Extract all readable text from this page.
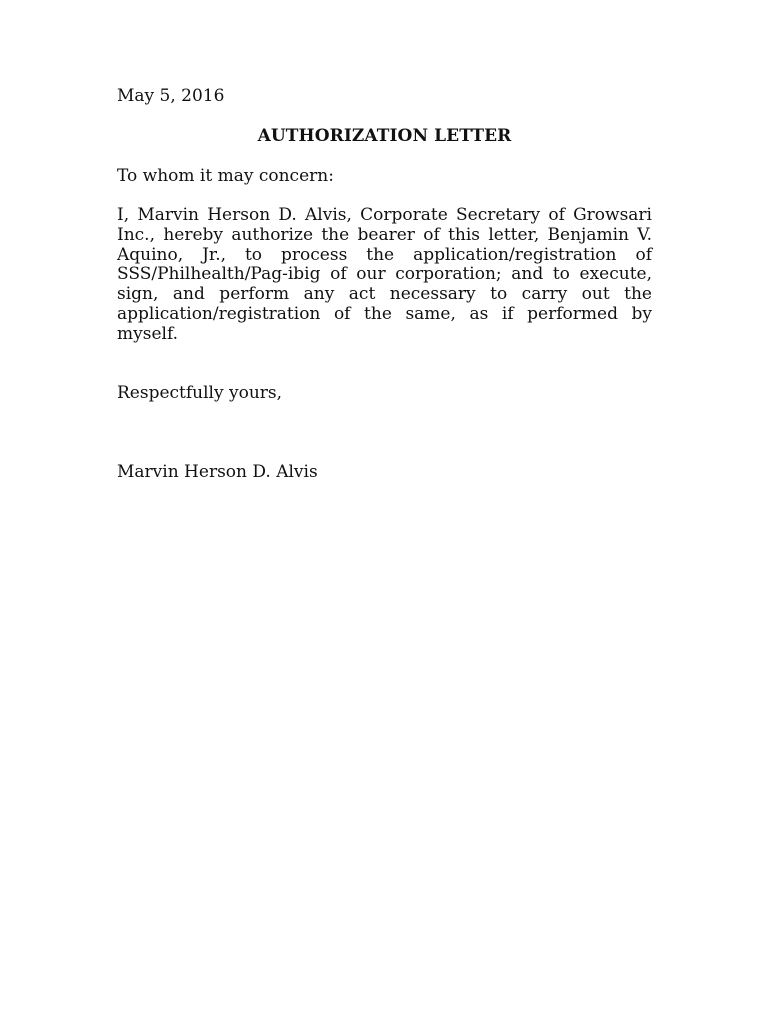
May 5, 2016

AUTHORIZATION LETTER

To whom it may concern:

I, Marvin Herson D. Alvis, Corporate Secretary of Growsari Inc., hereby authorize the bearer of this letter, Benjamin V. Aquino, Jr., to process the application/registration of SSS/Philhealth/Pag-ibig of our corporation; and to execute, sign, and perform any act necessary to carry out the application/registration of the same, as if performed by myself.

Respectfully yours,

Marvin Herson D. Alvis
